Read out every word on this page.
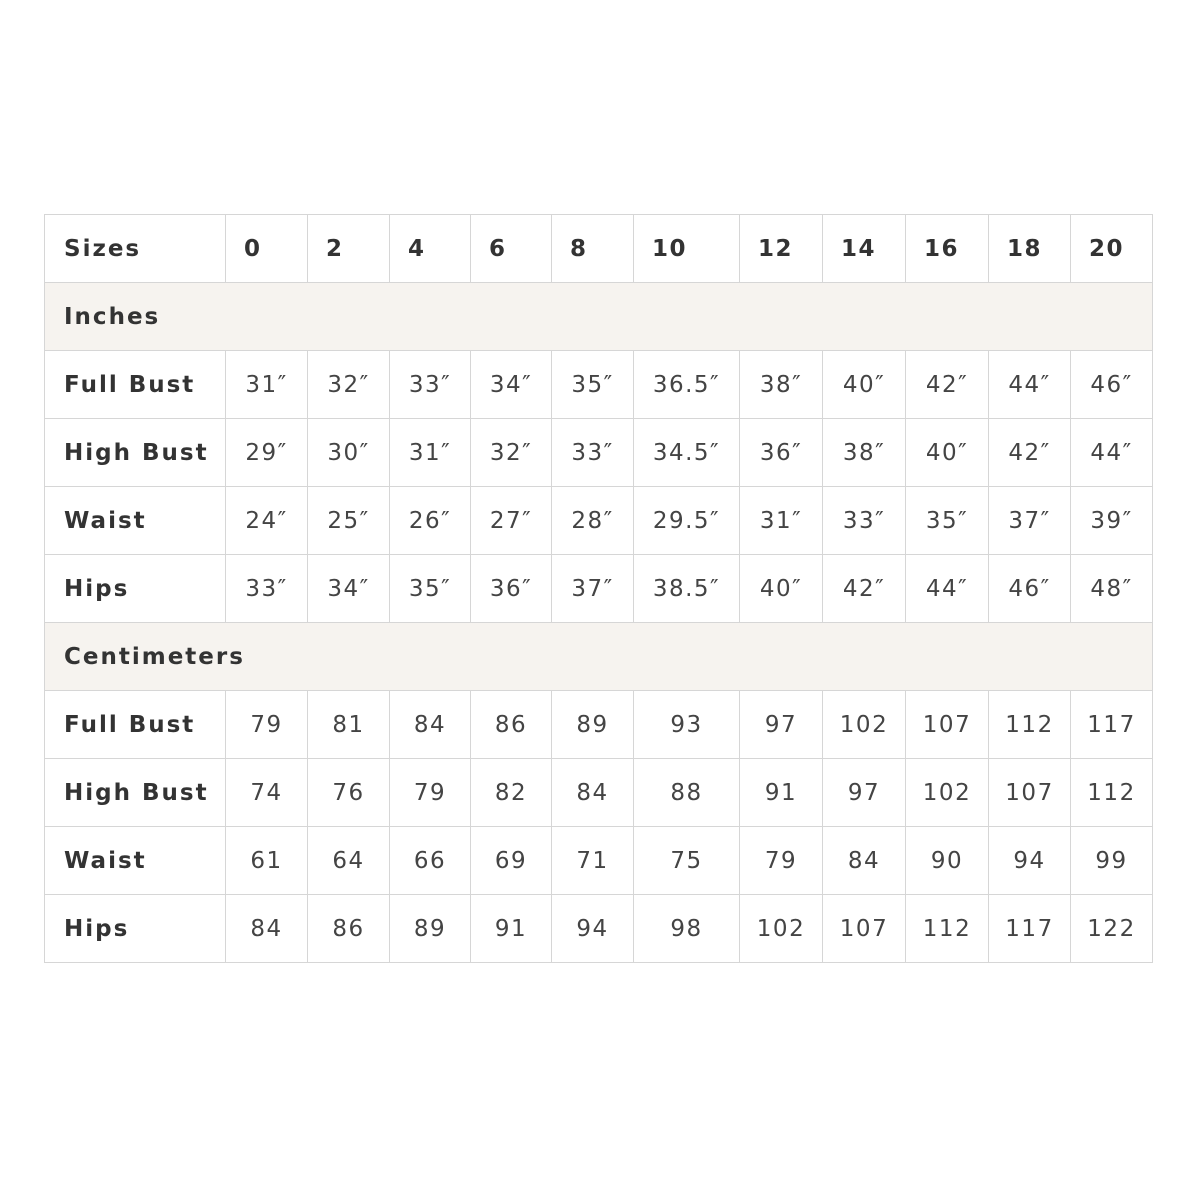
Sizes	0	2	4	6	8	10	12	14	16	18	20
Inches											
Full Bust	31″	32″	33″	34″	35″	36.5″	38″	40″	42″	44″	46″
High Bust	29″	30″	31″	32″	33″	34.5″	36″	38″	40″	42″	44″
Waist	24″	25″	26″	27″	28″	29.5″	31″	33″	35″	37″	39″
Hips	33″	34″	35″	36″	37″	38.5″	40″	42″	44″	46″	48″
Centimeters											
Full Bust	79	81	84	86	89	93	97	102	107	112	117
High Bust	74	76	79	82	84	88	91	97	102	107	112
Waist	61	64	66	69	71	75	79	84	90	94	99
Hips	84	86	89	91	94	98	102	107	112	117	122
